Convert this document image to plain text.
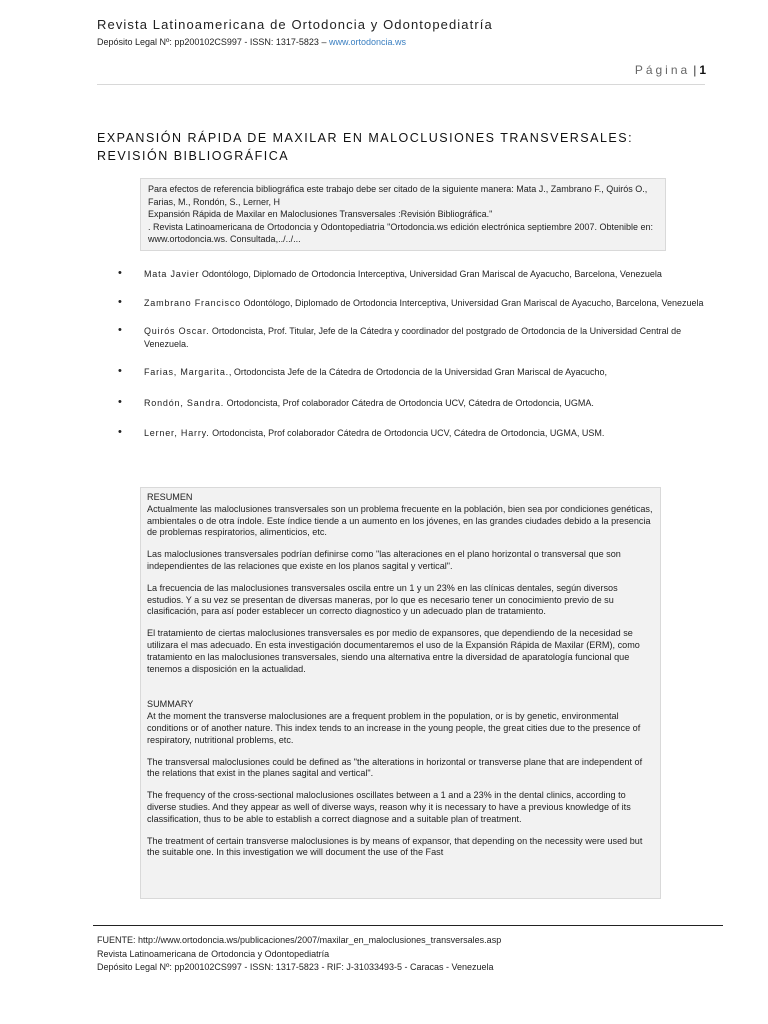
Revista Latinoamericana de Ortodoncia y Odontopediatría
Depósito Legal Nº: pp200102CS997 - ISSN: 1317-5823 – www.ortodoncia.ws
Página | 1
EXPANSIÓN RÁPIDA DE MAXILAR EN MALOCLUSIONES TRANSVERSALES: REVISIÓN BIBLIOGRÁFICA
Para efectos de referencia bibliográfica este trabajo debe ser citado de la siguiente manera: Mata J., Zambrano F., Quirós O., Farias, M., Rondón, S., Lerner, H
Expansión Rápida de Maxilar en Maloclusiones Transversales :Revisión Bibliográfica."
. Revista Latinoamericana de Ortodoncia y Odontopediatria "Ortodoncia.ws edición electrónica septiembre 2007. Obtenible en: www.ortodoncia.ws. Consultada,../../...
• Mata Javier Odontólogo, Diplomado de Ortodoncia Interceptiva, Universidad Gran Mariscal de Ayacucho, Barcelona, Venezuela
• Zambrano Francisco Odontólogo, Diplomado de Ortodoncia Interceptiva, Universidad Gran Mariscal de Ayacucho, Barcelona, Venezuela
• Quirós Oscar. Ortodoncista, Prof. Titular, Jefe de la Cátedra y coordinador del postgrado de Ortodoncia de la Universidad Central de Venezuela.
• Farias, Margarita., Ortodoncista Jefe de la Cátedra de Ortodoncia de la Universidad Gran Mariscal de Ayacucho,
• Rondón, Sandra. Ortodoncista, Prof colaborador Cátedra de Ortodoncia UCV, Cátedra de Ortodoncia, UGMA.
• Lerner, Harry. Ortodoncista, Prof colaborador Cátedra de Ortodoncia UCV, Cátedra de Ortodoncia, UGMA, USM.
RESUMEN

Actualmente las maloclusiones transversales son un problema frecuente en la población, bien sea por condiciones genéticas, ambientales o de otra índole. Este índice tiende a un aumento en los jóvenes, en las grandes ciudades debido a la presencia de problemas respiratorios, alimenticios, etc.

Las maloclusiones transversales podrían definirse como "las alteraciones en el plano horizontal o transversal que son independientes de las relaciones que existe en los planos sagital y vertical".

La frecuencia de las maloclusiones transversales oscila entre un 1 y un 23% en las clínicas dentales, según diversos estudios. Y a su vez se presentan de diversas maneras, por lo que es necesario tener un conocimiento previo de su clasificación, para así poder establecer un correcto diagnostico y un adecuado plan de tratamiento.

El tratamiento de ciertas maloclusiones transversales es por medio de expansores, que dependiendo de la necesidad se utilizara el mas adecuado. En esta investigación documentaremos el uso de la Expansión Rápida de Maxilar (ERM), como tratamiento en las maloclusiones transversales, siendo una alternativa entre la diversidad de aparatología funcional que tenemos a disposición en la actualidad.

SUMMARY

At the moment the transverse maloclusiones are a frequent problem in the population, or is by genetic, environmental conditions or of another nature. This index tends to an increase in the young people, the great cities due to the presence of respiratory, nutritional problems, etc.

The transversal maloclusiones could be defined as "the alterations in horizontal or transverse plane that are independent of the relations that exist in the planes sagital and vertical".

The frequency of the cross-sectional maloclusiones oscillates between a 1 and a 23% in the dental clinics, according to diverse studies. And they appear as well of diverse ways, reason why it is necessary to have a previous knowledge of its classification, thus to be able to establish a correct diagnose and a suitable plan of treatment.

The treatment of certain transverse maloclusiones is by means of expansor, that depending on the necessity were used but the suitable one. In this investigation we will document the use of the Fast

FUENTE: http://www.ortodoncia.ws/publicaciones/2007/maxilar_en_maloclusiones_transversales.asp
Revista Latinoamericana de Ortodoncia y Odontopediatría
Depósito Legal Nº: pp200102CS997 - ISSN: 1317-5823 - RIF: J-31033493-5 - Caracas - Venezuela
